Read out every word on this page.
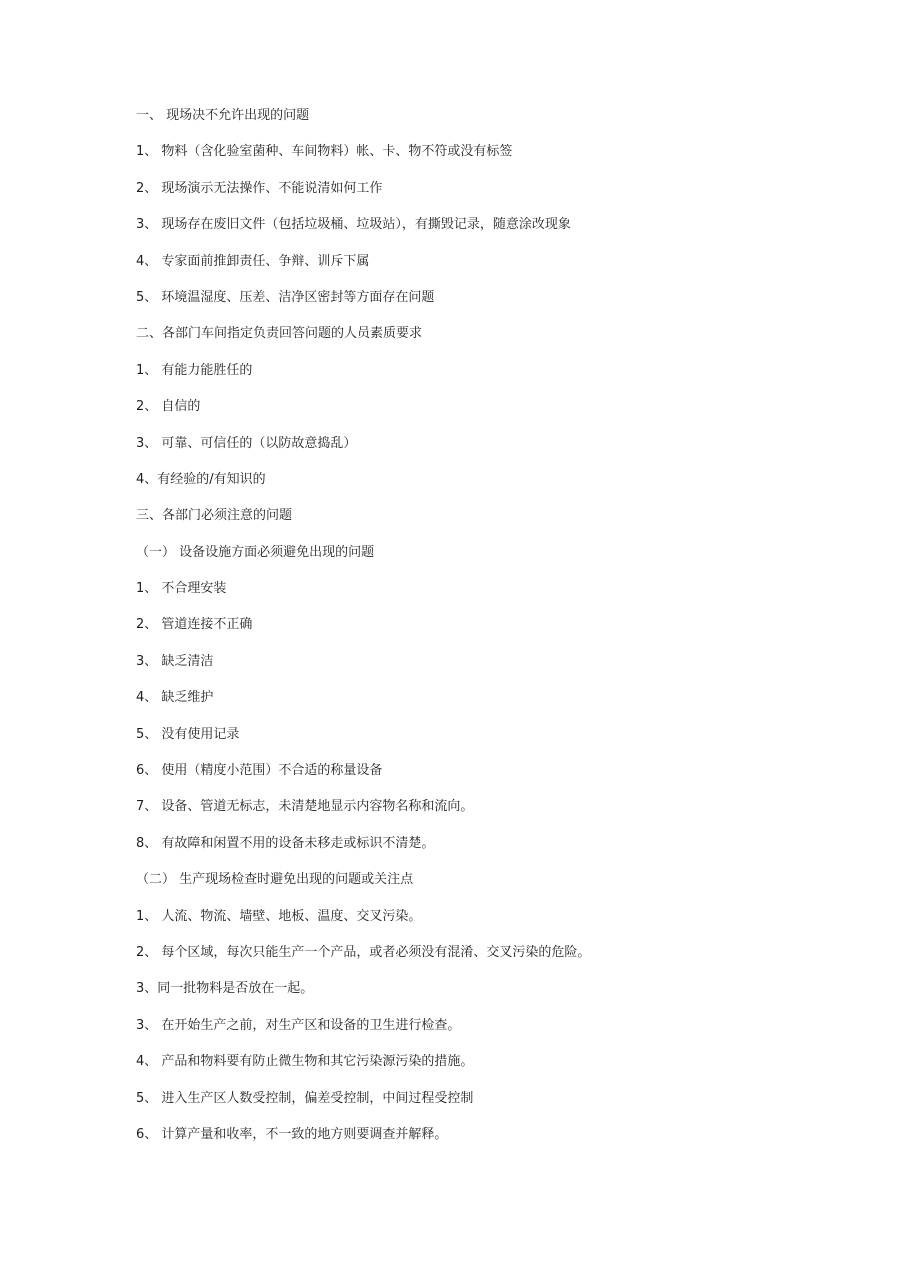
一、 现场决不允许出现的问题
1、 物料（含化验室菌种、车间物料）帐、卡、物不符或没有标签
2、 现场演示无法操作、不能说清如何工作
3、 现场存在废旧文件（包括垃圾桶、垃圾站），有撕毁记录，随意涂改现象
4、 专家面前推卸责任、争辩、训斥下属
5、 环境温湿度、压差、洁净区密封等方面存在问题
二、各部门车间指定负责回答问题的人员素质要求
1、 有能力能胜任的
2、 自信的
3、 可靠、可信任的（以防故意捣乱）
4、有经验的/有知识的
三、各部门必须注意的问题
（一） 设备设施方面必须避免出现的问题
1、 不合理安装
2、 管道连接不正确
3、 缺乏清洁
4、 缺乏维护
5、 没有使用记录
6、 使用（精度小范围）不合适的称量设备
7、 设备、管道无标志，未清楚地显示内容物名称和流向。
8、 有故障和闲置不用的设备未移走或标识不清楚。
（二） 生产现场检查时避免出现的问题或关注点
1、 人流、物流、墙壁、地板、温度、交叉污染。
2、 每个区域，每次只能生产一个产品，或者必须没有混淆、交叉污染的危险。
3、同一批物料是否放在一起。
3、 在开始生产之前，对生产区和设备的卫生进行检查。
4、 产品和物料要有防止微生物和其它污染源污染的措施。
5、 进入生产区人数受控制，偏差受控制，中间过程受控制
6、 计算产量和收率，不一致的地方则要调查并解释。
